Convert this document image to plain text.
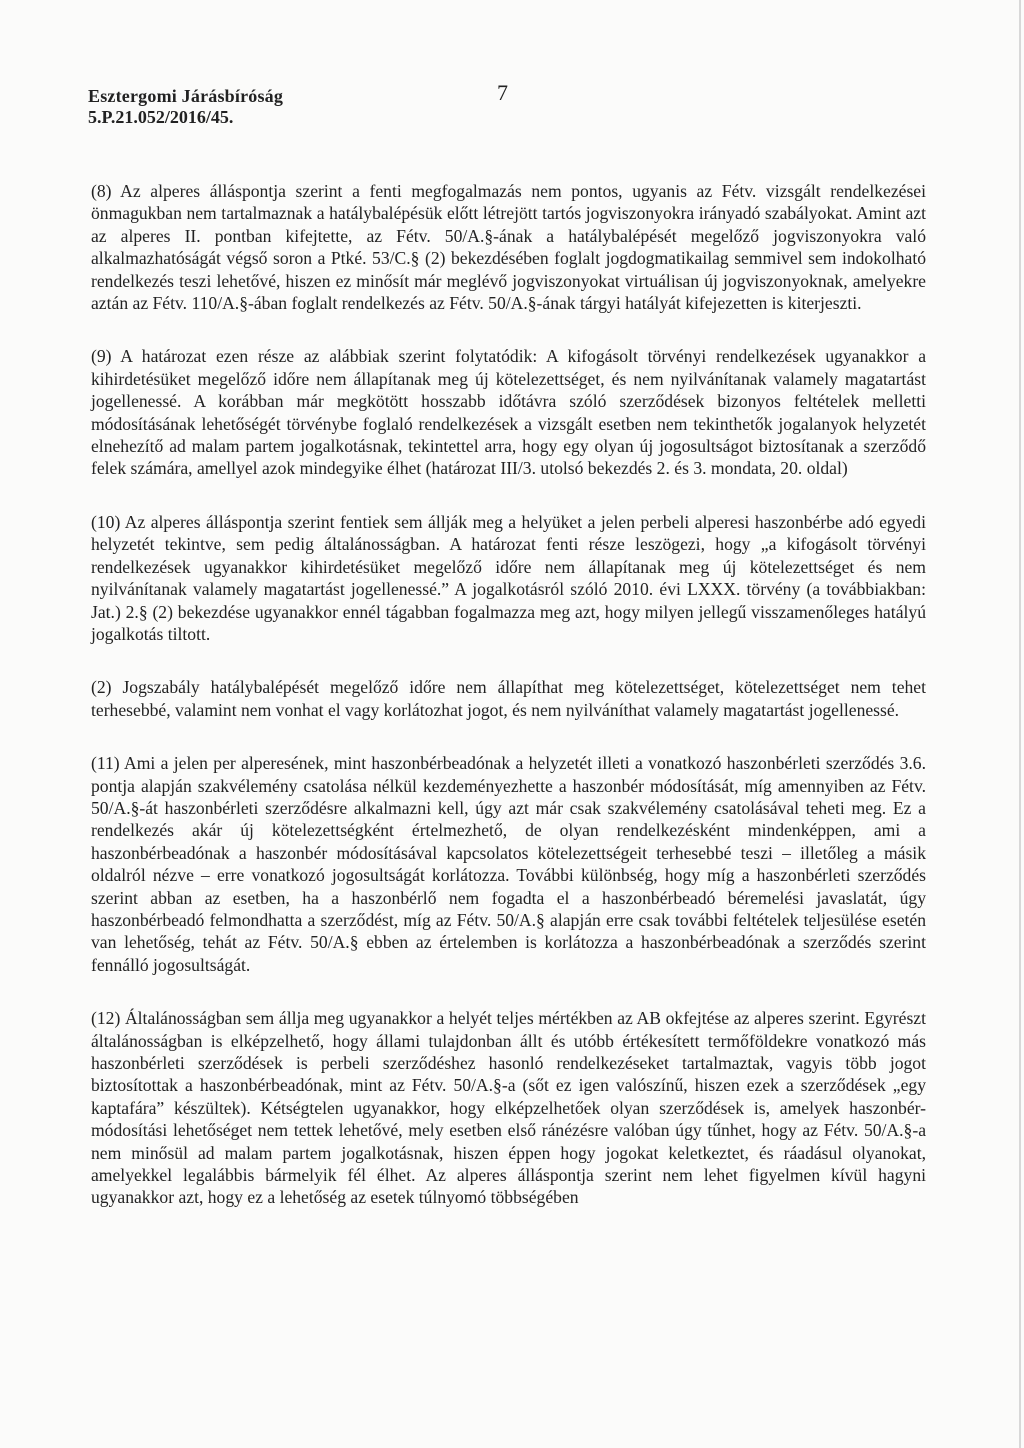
Esztergomi Járásbíróság
5.P.21.052/2016/45.
7

(8) Az alperes álláspontja szerint a fenti megfogalmazás nem pontos, ugyanis az Fétv. vizsgált rendelkezései önmagukban nem tartalmaznak a hatálybalépésük előtt létrejött tartós jogviszonyokra irányadó szabályokat. Amint azt az alperes II. pontban kifejtette, az Fétv. 50/A.§-ának a hatálybalépését megelőző jogviszonyokra való alkalmazhatóságát végső soron a Ptké. 53/C.§ (2) bekezdésében foglalt jogdogmatikailag semmivel sem indokolható rendelkezés teszi lehetővé, hiszen ez minősít már meglévő jogviszonyokat virtuálisan új jogviszonyoknak, amelyekre aztán az Fétv. 110/A.§-ában foglalt rendelkezés az Fétv. 50/A.§-ának tárgyi hatályát kifejezetten is kiterjeszti.

(9) A határozat ezen része az alábbiak szerint folytatódik: A kifogásolt törvényi rendelkezések ugyanakkor a kihirdetésüket megelőző időre nem állapítanak meg új kötelezettséget, és nem nyilvánítanak valamely magatartást jogellenessé. A korábban már megkötött hosszabb időtávra szóló szerződések bizonyos feltételek melletti módosításának lehetőségét törvénybe foglaló rendelkezések a vizsgált esetben nem tekinthetők jogalanyok helyzetét elnehezítő ad malam partem jogalkotásnak, tekintettel arra, hogy egy olyan új jogosultságot biztosítanak a szerződő felek számára, amellyel azok mindegyike élhet (határozat III/3. utolsó bekezdés 2. és 3. mondata, 20. oldal)

(10) Az alperes álláspontja szerint fentiek sem állják meg a helyüket a jelen perbeli alperesi haszonbérbe adó egyedi helyzetét tekintve, sem pedig általánosságban. A határozat fenti része leszögezi, hogy „a kifogásolt törvényi rendelkezések ugyanakkor kihirdetésüket megelőző időre nem állapítanak meg új kötelezettséget és nem nyilvánítanak valamely magatartást jogellenessé.” A jogalkotásról szóló 2010. évi LXXX. törvény (a továbbiakban: Jat.) 2.§ (2) bekezdése ugyanakkor ennél tágabban fogalmazza meg azt, hogy milyen jellegű visszamenőleges hatályú jogalkotás tiltott.

(2) Jogszabály hatálybalépését megelőző időre nem állapíthat meg kötelezettséget, kötelezettséget nem tehet terhesebbé, valamint nem vonhat el vagy korlátozhat jogot, és nem nyilváníthat valamely magatartást jogellenessé.

(11) Ami a jelen per alperesének, mint haszonbérbeadónak a helyzetét illeti a vonatkozó haszonbérleti szerződés 3.6. pontja alapján szakvélemény csatolása nélkül kezdeményezhette a haszonbér módosítását, míg amennyiben az Fétv. 50/A.§-át haszonbérleti szerződésre alkalmazni kell, úgy azt már csak szakvélemény csatolásával teheti meg. Ez a rendelkezés akár új kötelezettségként értelmezhető, de olyan rendelkezésként mindenképpen, ami a haszonbérbeadónak a haszonbér módosításával kapcsolatos kötelezettségeit terhesebbé teszi – illetőleg a másik oldalról nézve – erre vonatkozó jogosultságát korlátozza. További különbség, hogy míg a haszonbérleti szerződés szerint abban az esetben, ha a haszonbérlő nem fogadta el a haszonbérbeadó béremelési javaslatát, úgy haszonbérbeadó felmondhatta a szerződést, míg az Fétv. 50/A.§ alapján erre csak további feltételek teljesülése esetén van lehetőség, tehát az Fétv. 50/A.§ ebben az értelemben is korlátozza a haszonbérbeadónak a szerződés szerint fennálló jogosultságát.

(12) Általánosságban sem állja meg ugyanakkor a helyét teljes mértékben az AB okfejtése az alperes szerint. Egyrészt általánosságban is elképzelhető, hogy állami tulajdonban állt és utóbb értékesített termőföldekre vonatkozó más haszonbérleti szerződések is perbeli szerződéshez hasonló rendelkezéseket tartalmaztak, vagyis több jogot biztosítottak a haszonbérbeadónak, mint az Fétv. 50/A.§-a (sőt ez igen valószínű, hiszen ezek a szerződések „egy kaptafára” készültek). Kétségtelen ugyanakkor, hogy elképzelhetőek olyan szerződések is, amelyek haszonbér-módosítási lehetőséget nem tettek lehetővé, mely esetben első ránézésre valóban úgy tűnhet, hogy az Fétv. 50/A.§-a nem minősül ad malam partem jogalkotásnak, hiszen éppen hogy jogokat keletkeztet, és ráadásul olyanokat, amelyekkel legalábbis bármelyik fél élhet. Az alperes álláspontja szerint nem lehet figyelmen kívül hagyni ugyanakkor azt, hogy ez a lehetőség az esetek túlnyomó többségében
